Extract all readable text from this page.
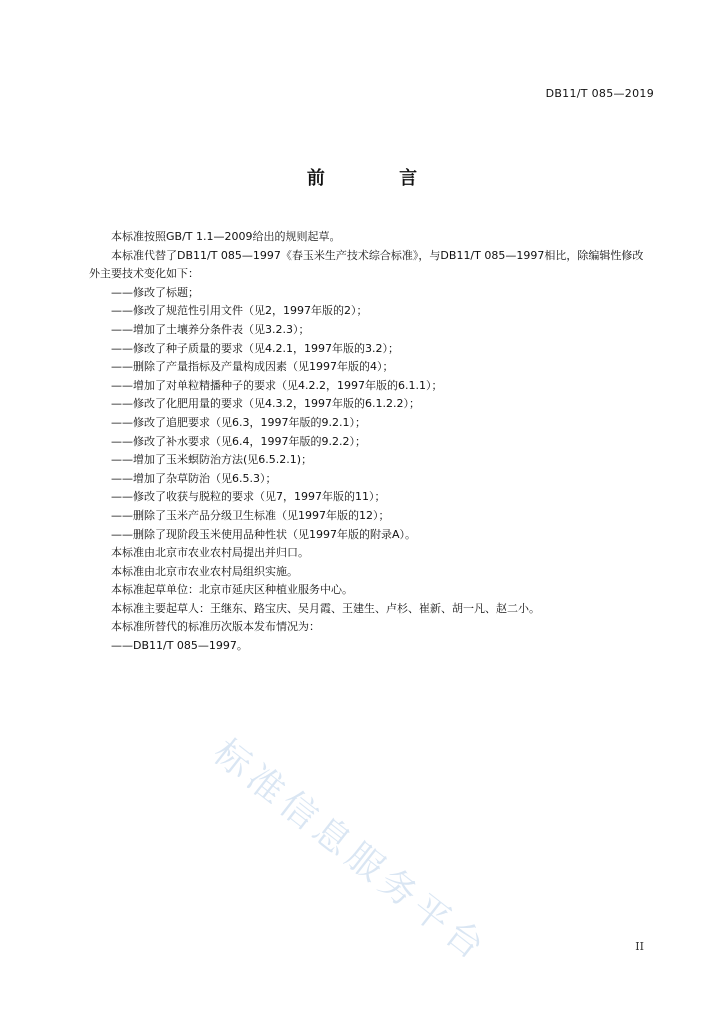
DB11/T 085—2019
前 言

本标准按照GB/T 1.1—2009给出的规则起草。

本标准代替了DB11/T 085—1997《春玉米生产技术综合标准》，与DB11/T 085—1997相比，除编辑性修改外主要技术变化如下：

——修改了标题；

——修改了规范性引用文件（见2，1997年版的2）；

——增加了土壤养分条件表（见3.2.3）；

——修改了种子质量的要求（见4.2.1，1997年版的3.2）；

——删除了产量指标及产量构成因素（见1997年版的4）；

——增加了对单粒精播种子的要求（见4.2.2，1997年版的6.1.1）；

——修改了化肥用量的要求（见4.3.2，1997年版的6.1.2.2）；

——修改了追肥要求（见6.3，1997年版的9.2.1）；

——修改了补水要求（见6.4，1997年版的9.2.2）；

——增加了玉米螟防治方法(见6.5.2.1)；

——增加了杂草防治（见6.5.3）；

——修改了收获与脱粒的要求（见7，1997年版的11）；

——删除了玉米产品分级卫生标准（见1997年版的12）；

——删除了现阶段玉米使用品种性状（见1997年版的附录A）。

本标准由北京市农业农村局提出并归口。

本标准由北京市农业农村局组织实施。

本标准起草单位：北京市延庆区种植业服务中心。

本标准主要起草人：王继东、路宝庆、吴月霞、王建生、卢杉、崔新、胡一凡、赵二小。

本标准所替代的标准历次版本发布情况为：

——DB11/T 085—1997。

标准信息服务平台	II
